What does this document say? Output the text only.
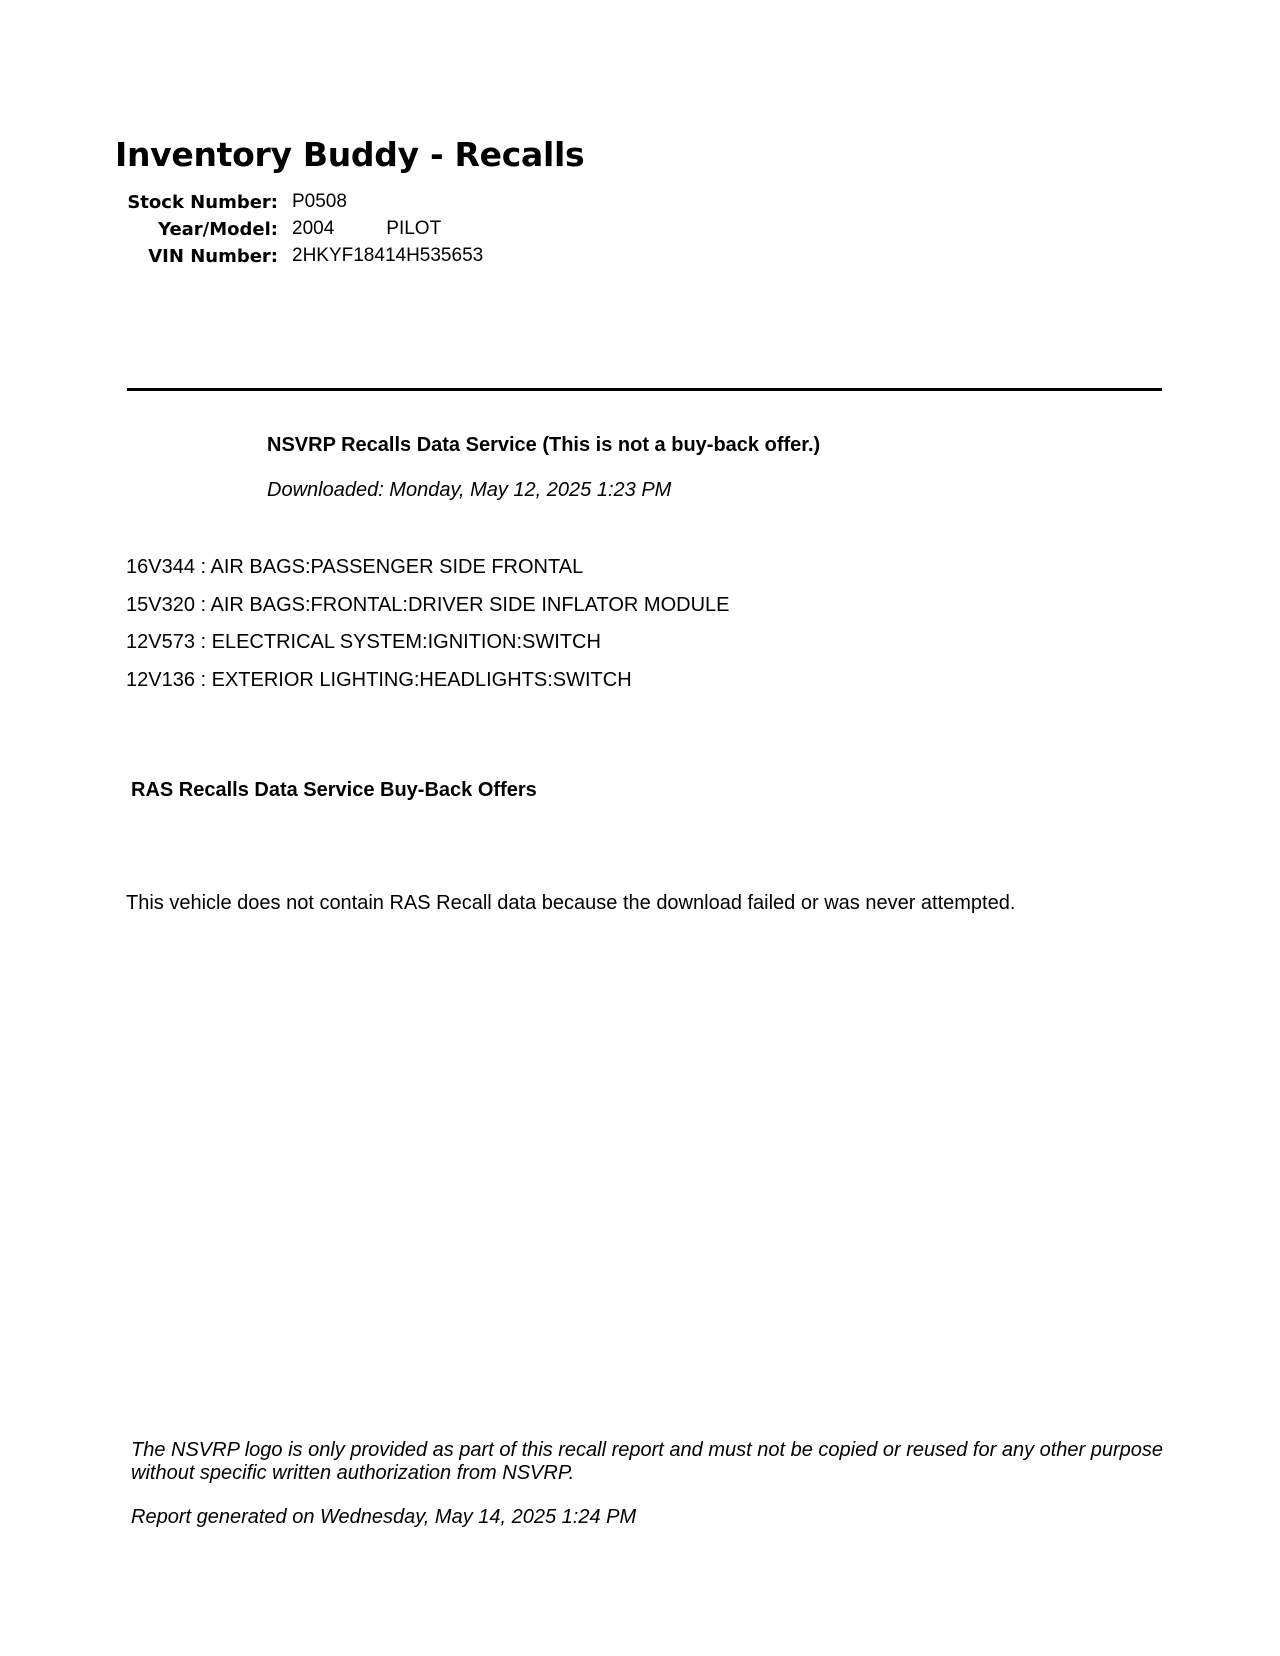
Inventory Buddy - Recalls
Stock Number:	P0508
Year/Model:	2004 PILOT
VIN Number:	2HKYF18414H535653
NSVRP Recalls Data Service (This is not a buy-back offer.)

Downloaded: Monday, May 12, 2025 1:23 PM

16V344 : AIR BAGS:PASSENGER SIDE FRONTAL
15V320 : AIR BAGS:FRONTAL:DRIVER SIDE INFLATOR MODULE
12V573 : ELECTRICAL SYSTEM:IGNITION:SWITCH
12V136 : EXTERIOR LIGHTING:HEADLIGHTS:SWITCH
RAS Recalls Data Service Buy-Back Offers

This vehicle does not contain RAS Recall data because the download failed or was never attempted.

The NSVRP logo is only provided as part of this recall report and must not be copied or reused for any other purpose without specific written authorization from NSVRP.

Report generated on Wednesday, May 14, 2025 1:24 PM
